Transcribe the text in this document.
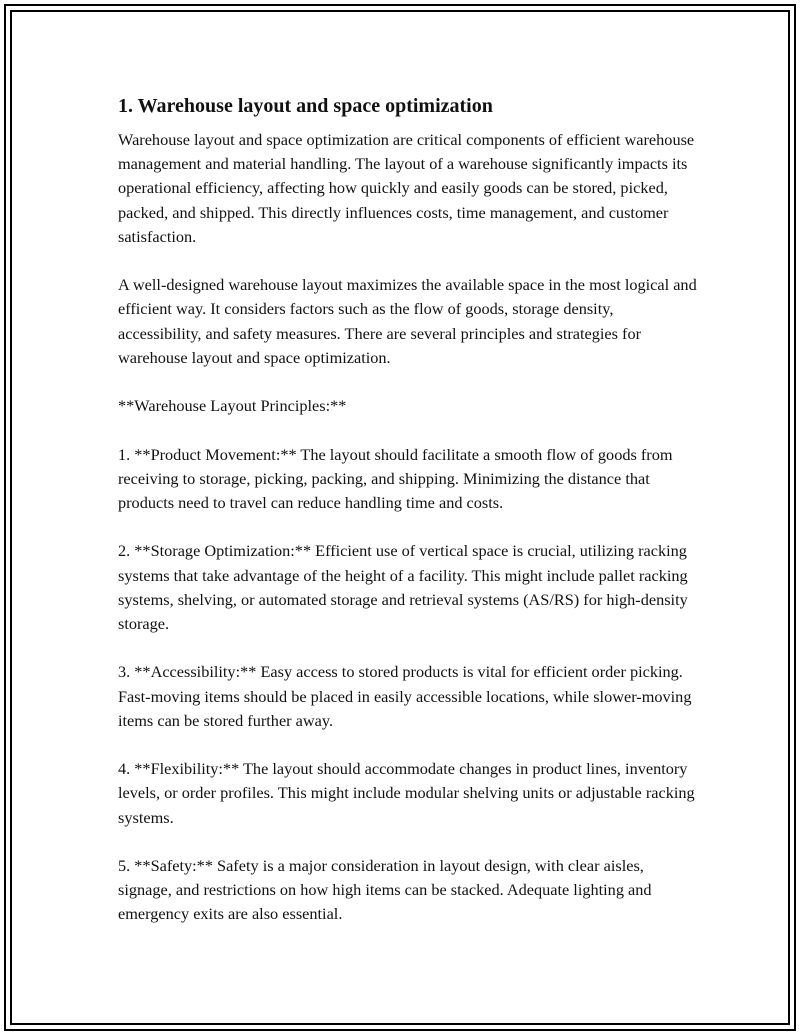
1. Warehouse layout and space optimization

Warehouse layout and space optimization are critical components of efficient warehouse management and material handling. The layout of a warehouse significantly impacts its operational efficiency, affecting how quickly and easily goods can be stored, picked, packed, and shipped. This directly influences costs, time management, and customer satisfaction.

A well-designed warehouse layout maximizes the available space in the most logical and efficient way. It considers factors such as the flow of goods, storage density, accessibility, and safety measures. There are several principles and strategies for warehouse layout and space optimization.

**Warehouse Layout Principles:**

1. **Product Movement:** The layout should facilitate a smooth flow of goods from receiving to storage, picking, packing, and shipping. Minimizing the distance that products need to travel can reduce handling time and costs.

2. **Storage Optimization:** Efficient use of vertical space is crucial, utilizing racking systems that take advantage of the height of a facility. This might include pallet racking systems, shelving, or automated storage and retrieval systems (AS/RS) for high-density storage.

3. **Accessibility:** Easy access to stored products is vital for efficient order picking. Fast-moving items should be placed in easily accessible locations, while slower-moving items can be stored further away.

4. **Flexibility:** The layout should accommodate changes in product lines, inventory levels, or order profiles. This might include modular shelving units or adjustable racking systems.

5. **Safety:** Safety is a major consideration in layout design, with clear aisles, signage, and restrictions on how high items can be stacked. Adequate lighting and emergency exits are also essential.
